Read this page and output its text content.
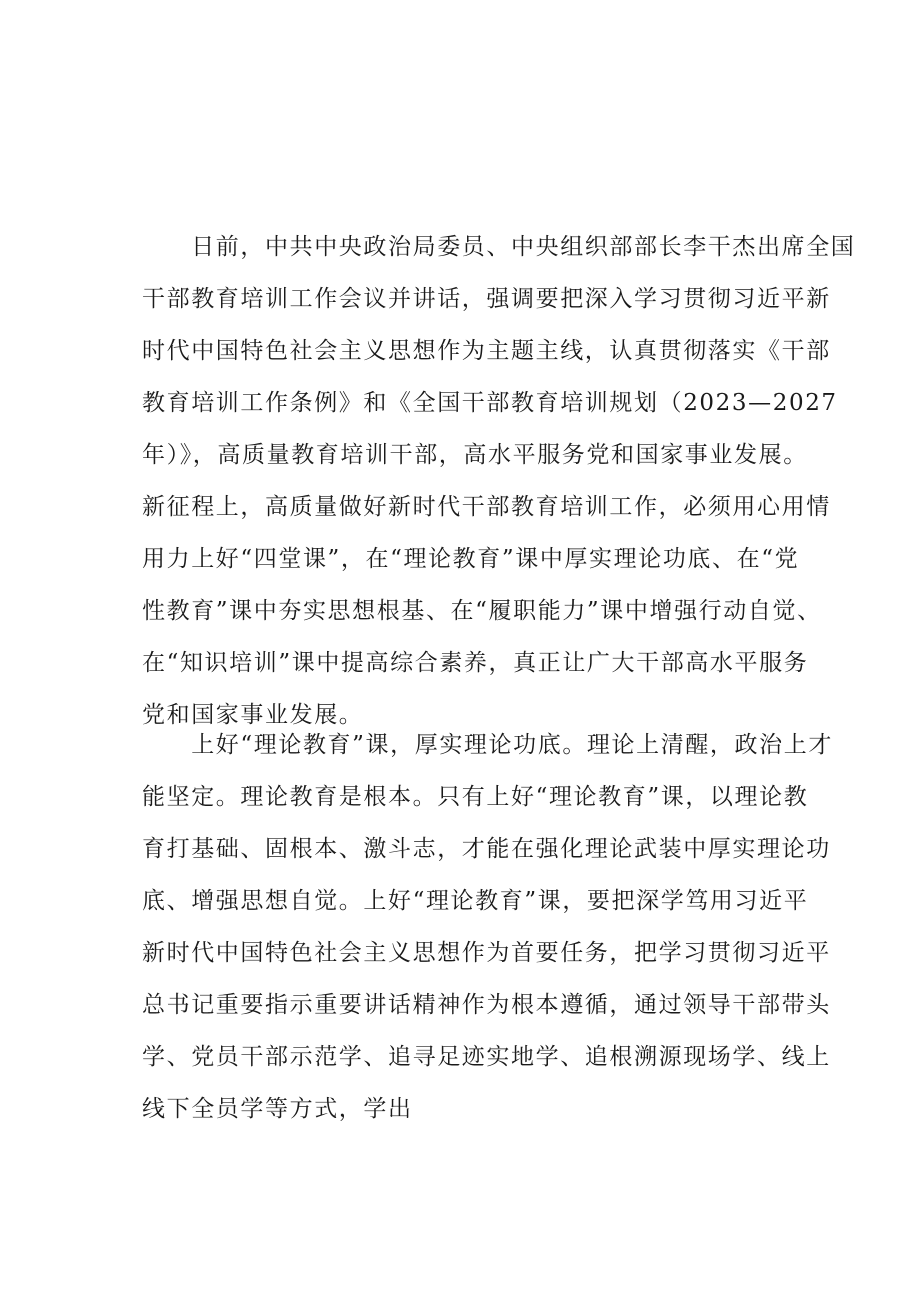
　　日前，中共中央政治局委员、中央组织部部长李干杰出席全国
干部教育培训工作会议并讲话，强调要把深入学习贯彻习近平新
时代中国特色社会主义思想作为主题主线，认真贯彻落实《干部
教育培训工作条例》和《全国干部教育培训规划（2023—2027
年）》，高质量教育培训干部，高水平服务党和国家事业发展。
新征程上，高质量做好新时代干部教育培训工作，必须用心用情
用力上好“四堂课”，在“理论教育”课中厚实理论功底、在“党
性教育”课中夯实思想根基、在“履职能力”课中增强行动自觉、
在“知识培训”课中提高综合素养，真正让广大干部高水平服务
党和国家事业发展。
　　上好“理论教育”课，厚实理论功底。理论上清醒，政治上才
能坚定。理论教育是根本。只有上好“理论教育”课，以理论教
育打基础、固根本、激斗志，才能在强化理论武装中厚实理论功
底、增强思想自觉。上好“理论教育”课，要把深学笃用习近平
新时代中国特色社会主义思想作为首要任务，把学习贯彻习近平
总书记重要指示重要讲话精神作为根本遵循，通过领导干部带头
学、党员干部示范学、追寻足迹实地学、追根溯源现场学、线上
线下全员学等方式，学出
